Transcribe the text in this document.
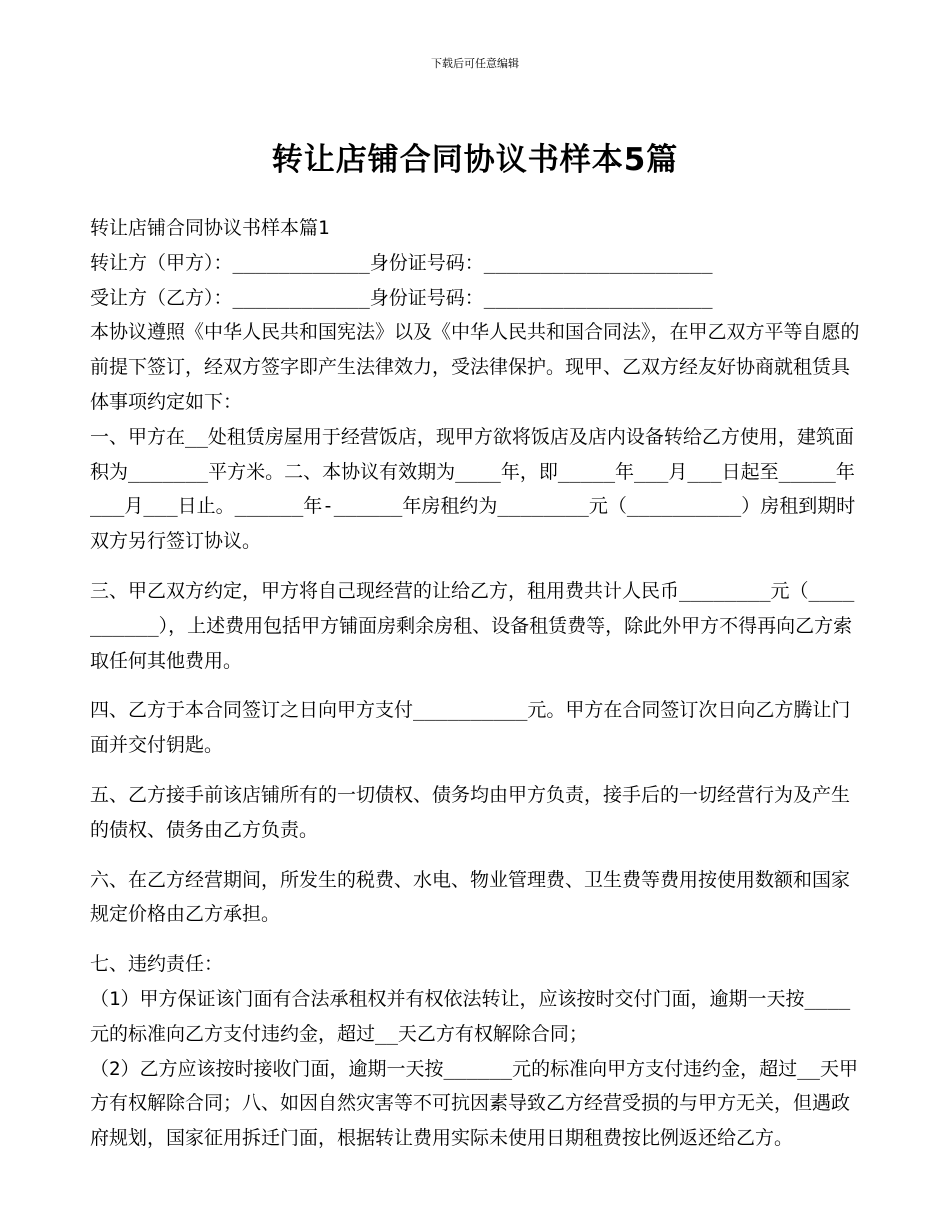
下载后可任意编辑
转让店铺合同协议书样本5篇

转让店铺合同协议书样本篇1

转让方（甲方）：____________身份证号码：____________________

受让方（乙方）：____________身份证号码：____________________

本协议遵照《中华人民共和国宪法》以及《中华人民共和国合同法》，在甲乙双方平等自愿的前提下签订，经双方签字即产生法律效力，受法律保护。现甲、乙双方经友好协商就租赁具体事项约定如下：

一、甲方在__处租赁房屋用于经营饭店，现甲方欲将饭店及店内设备转给乙方使用，建筑面积为_______平方米。二、本协议有效期为____年，即_____年___月___日起至_____年___月___日止。______年-______年房租约为________元（__________）房租到期时双方另行签订协议。

三、甲乙双方约定，甲方将自己现经营的让给乙方，租用费共计人民币________元（__________），上述费用包括甲方铺面房剩余房租、设备租赁费等，除此外甲方不得再向乙方索取任何其他费用。

四、乙方于本合同签订之日向甲方支付__________元。甲方在合同签订次日向乙方腾让门面并交付钥匙。

五、乙方接手前该店铺所有的一切债权、债务均由甲方负责，接手后的一切经营行为及产生的债权、债务由乙方负责。

六、在乙方经营期间，所发生的税费、水电、物业管理费、卫生费等费用按使用数额和国家规定价格由乙方承担。

七、违约责任：

（1）甲方保证该门面有合法承租权并有权依法转让，应该按时交付门面，逾期一天按____元的标准向乙方支付违约金，超过__天乙方有权解除合同；

（2）乙方应该按时接收门面，逾期一天按______元的标准向甲方支付违约金，超过__天甲方有权解除合同；八、如因自然灾害等不可抗因素导致乙方经营受损的与甲方无关，但遇政府规划，国家征用拆迁门面，根据转让费用实际未使用日期租费按比例返还给乙方。
